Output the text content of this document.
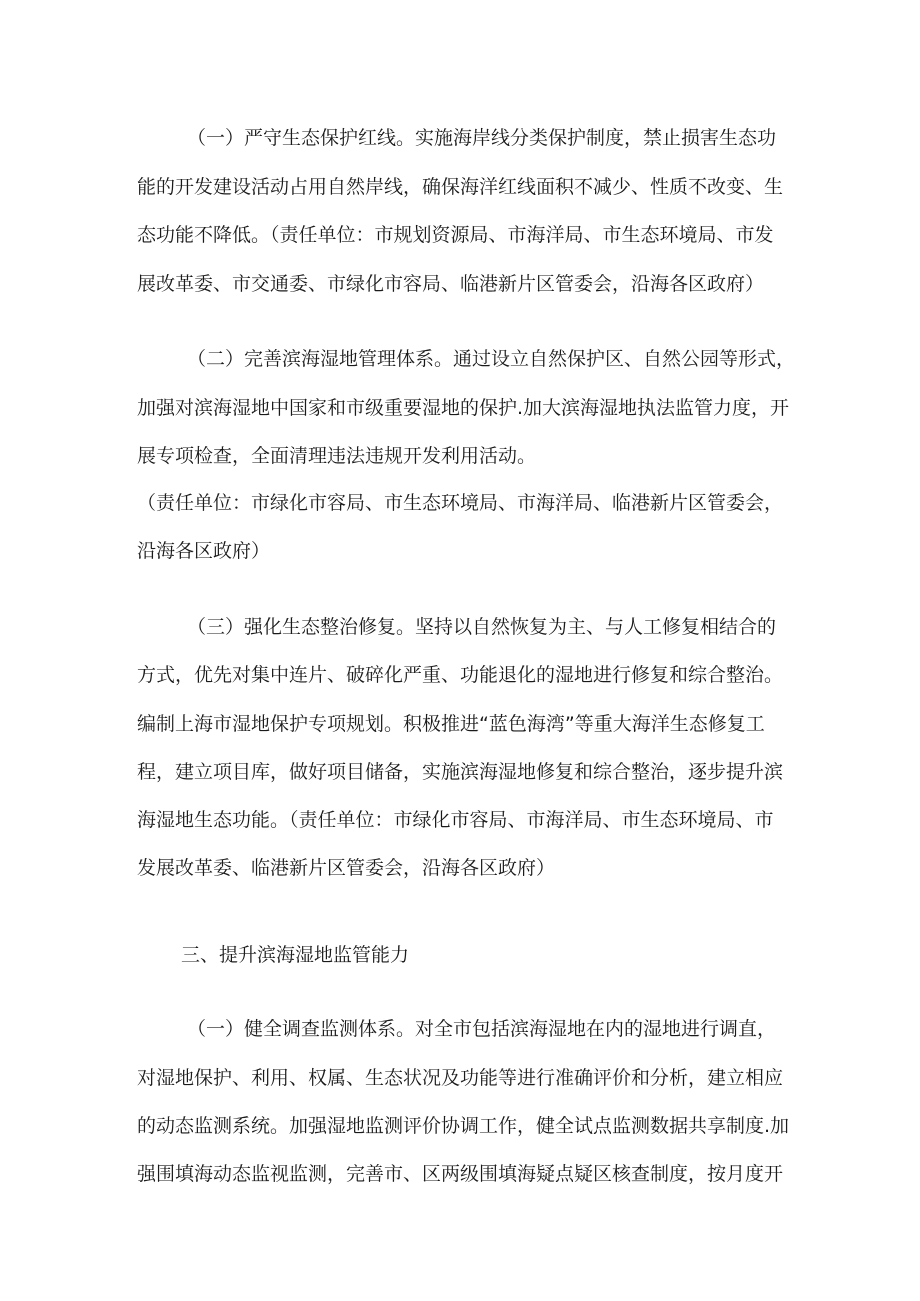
（一）严守生态保护红线。实施海岸线分类保护制度，禁止损害生态功
能的开发建设活动占用自然岸线，确保海洋红线面积不减少、性质不改变、生
态功能不降低。（责任单位：市规划资源局、市海洋局、市生态环境局、市发
展改革委、市交通委、市绿化市容局、临港新片区管委会，沿海各区政府）
（二）完善滨海湿地管理体系。通过设立自然保护区、自然公园等形式，
加强对滨海湿地中国家和市级重要湿地的保护.加大滨海湿地执法监管力度，开
展专项检查，全面清理违法违规开发利用活动。
（责任单位：市绿化市容局、市生态环境局、市海洋局、临港新片区管委会，
沿海各区政府）
（三）强化生态整治修复。坚持以自然恢复为主、与人工修复相结合的
方式，优先对集中连片、破碎化严重、功能退化的湿地进行修复和综合整治。
编制上海市湿地保护专项规划。积极推进“蓝色海湾”等重大海洋生态修复工
程，建立项目库，做好项目储备，实施滨海湿地修复和综合整治，逐步提升滨
海湿地生态功能。（责任单位：市绿化市容局、市海洋局、市生态环境局、市
发展改革委、临港新片区管委会，沿海各区政府）
三、提升滨海湿地监管能力
（一）健全调查监测体系。对全市包括滨海湿地在内的湿地进行调直，
对湿地保护、利用、权属、生态状况及功能等进行准确评价和分析，建立相应
的动态监测系统。加强湿地监测评价协调工作，健全试点监测数据共享制度.加
强围填海动态监视监测，完善市、区两级围填海疑点疑区核查制度，按月度开
